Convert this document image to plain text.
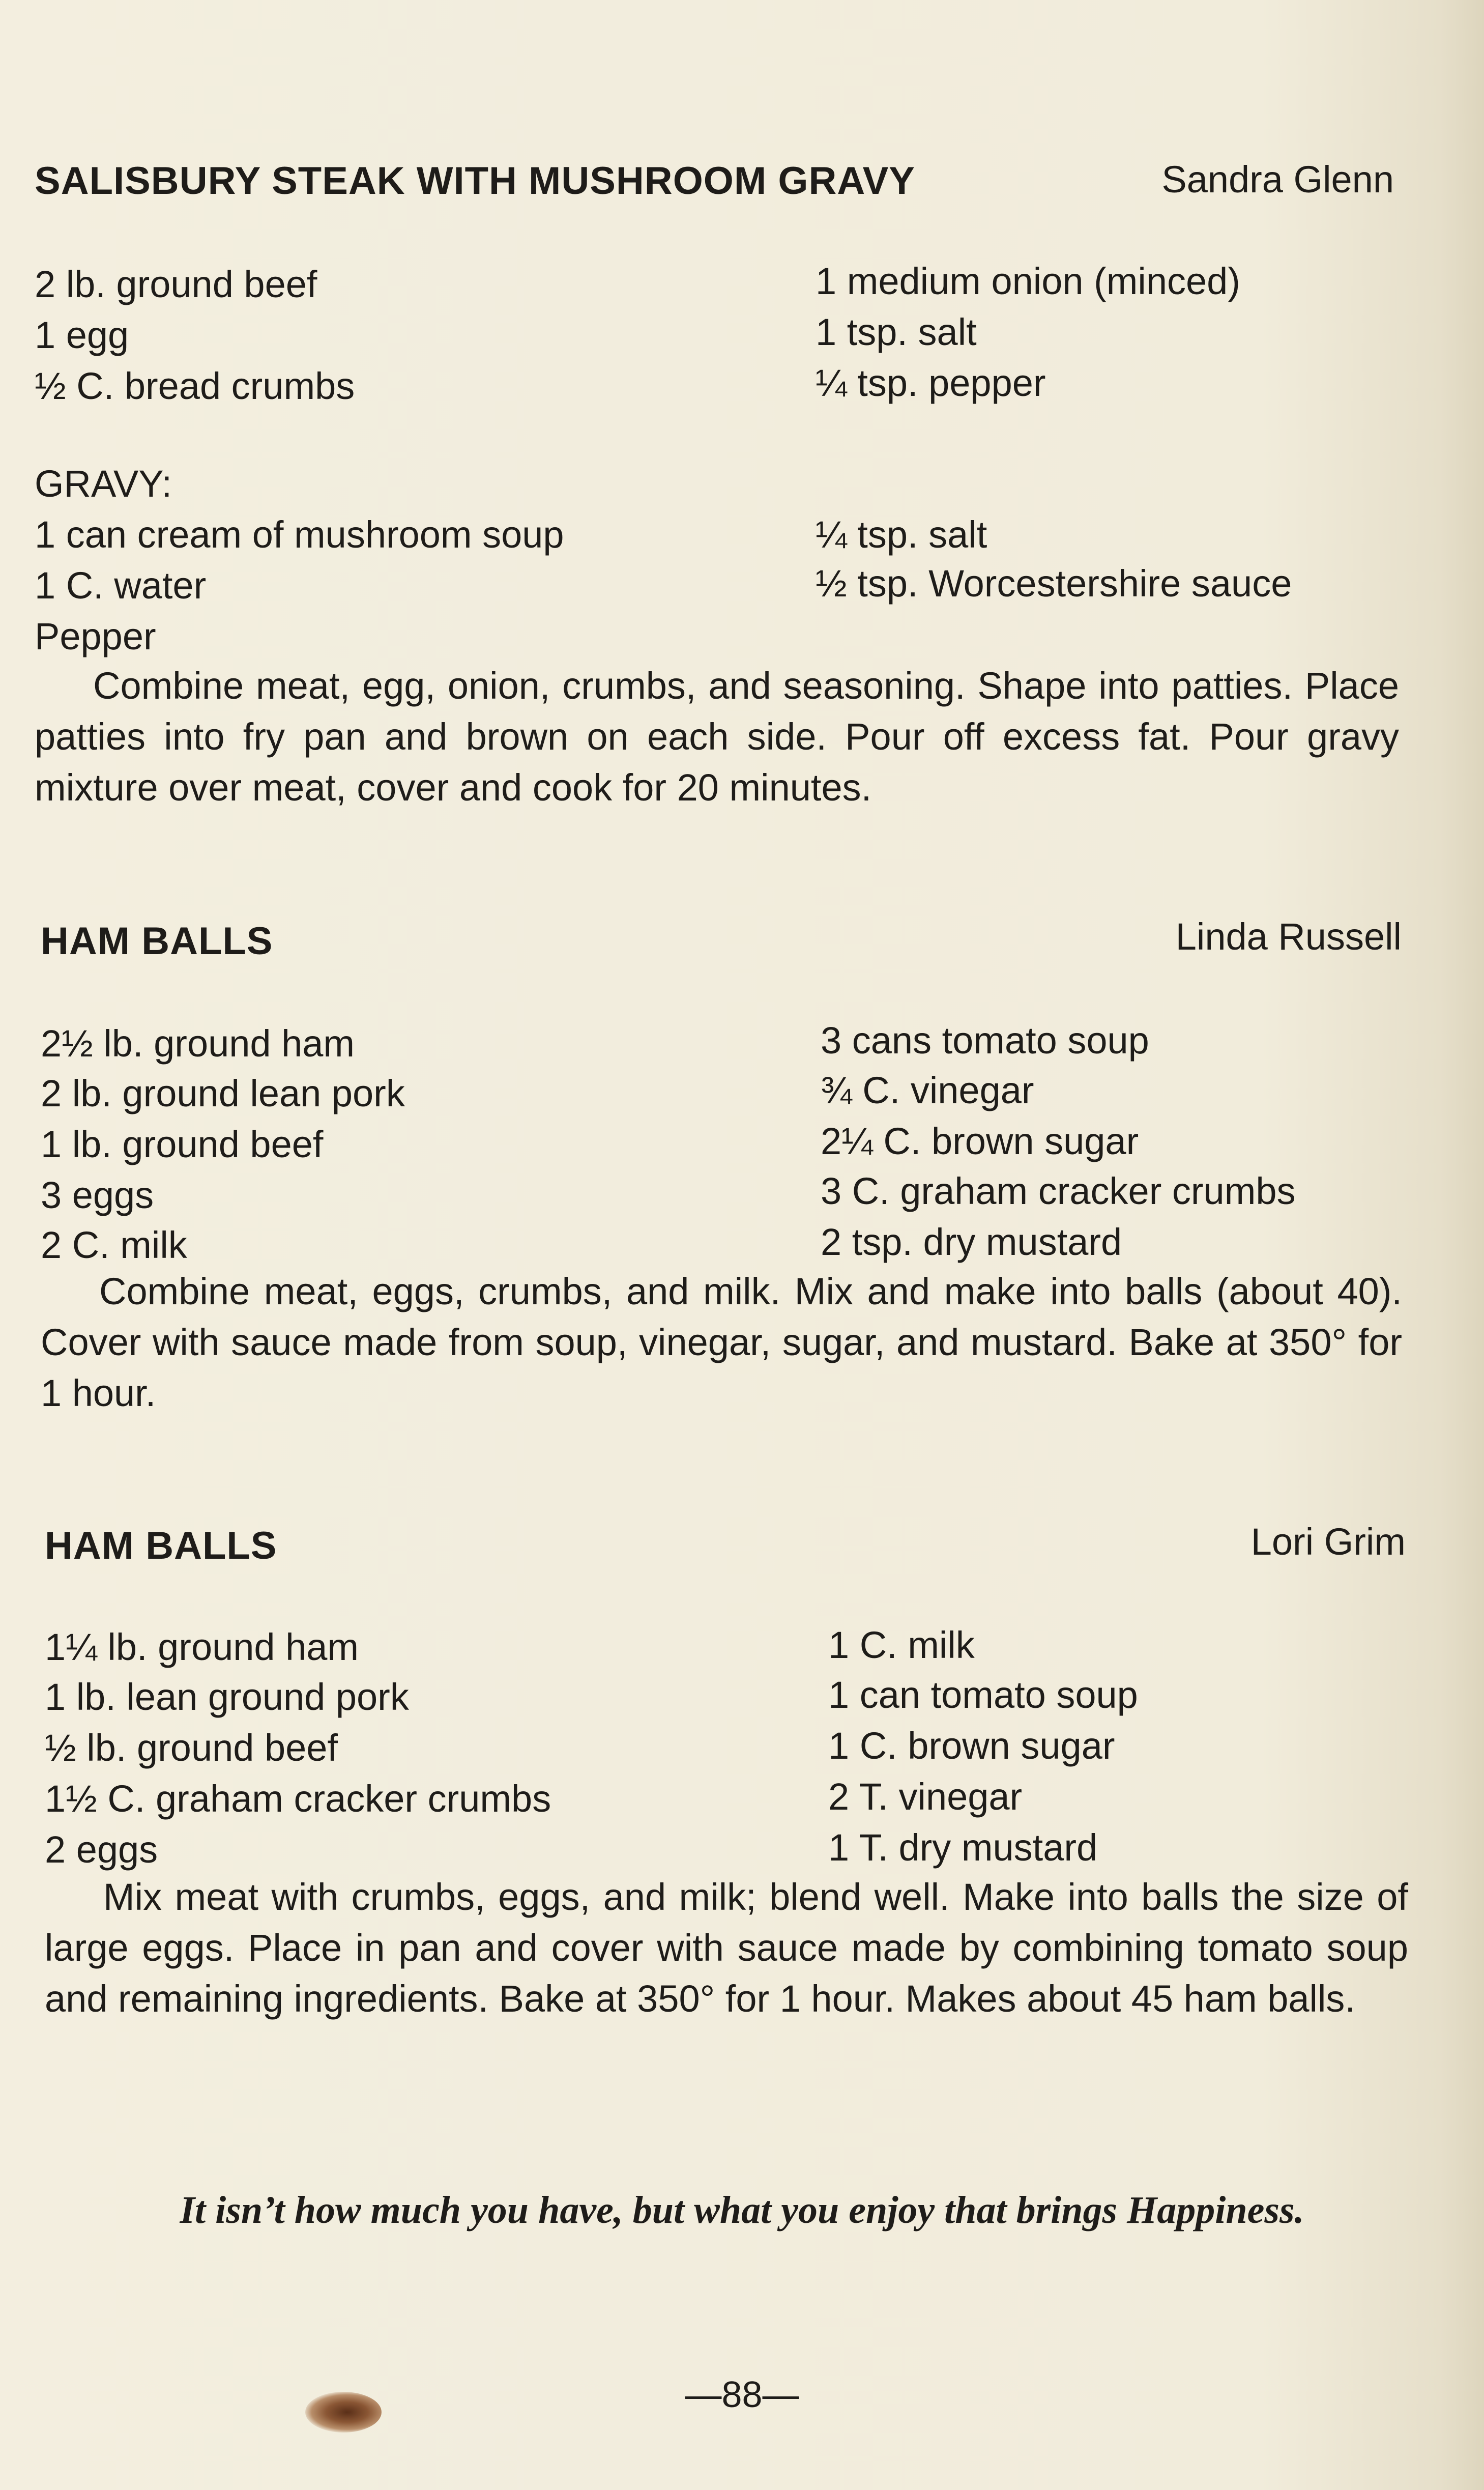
SALISBURY STEAK WITH MUSHROOM GRAVY	Sandra Glenn
2 lb. ground beef
1 egg
½ C. bread crumbs
1 medium onion (minced)
1 tsp. salt
¼ tsp. pepper
GRAVY:
1 can cream of mushroom soup
1 C. water
Pepper
¼ tsp. salt
½ tsp. Worcestershire sauce
Combine meat, egg, onion, crumbs, and seasoning. Shape into patties. Place patties into fry pan and brown on each side. Pour off excess fat. Pour gravy mixture over meat, cover and cook for 20 minutes.
HAM BALLS	Linda Russell
2½ lb. ground ham
2 lb. ground lean pork
1 lb. ground beef
3 eggs
2 C. milk
3 cans tomato soup
¾ C. vinegar
2¼ C. brown sugar
3 C. graham cracker crumbs
2 tsp. dry mustard
Combine meat, eggs, crumbs, and milk. Mix and make into balls (about 40). Cover with sauce made from soup, vinegar, sugar, and mustard. Bake at 350° for 1 hour.
HAM BALLS	Lori Grim
1¼ lb. ground ham
1 lb. lean ground pork
½ lb. ground beef
1½ C. graham cracker crumbs
2 eggs
1 C. milk
1 can tomato soup
1 C. brown sugar
2 T. vinegar
1 T. dry mustard
Mix meat with crumbs, eggs, and milk; blend well. Make into balls the size of large eggs. Place in pan and cover with sauce made by combining tomato soup and remaining ingredients. Bake at 350° for 1 hour. Makes about 45 ham balls.
It isn’t how much you have, but what you enjoy that brings Happiness.
—88—
